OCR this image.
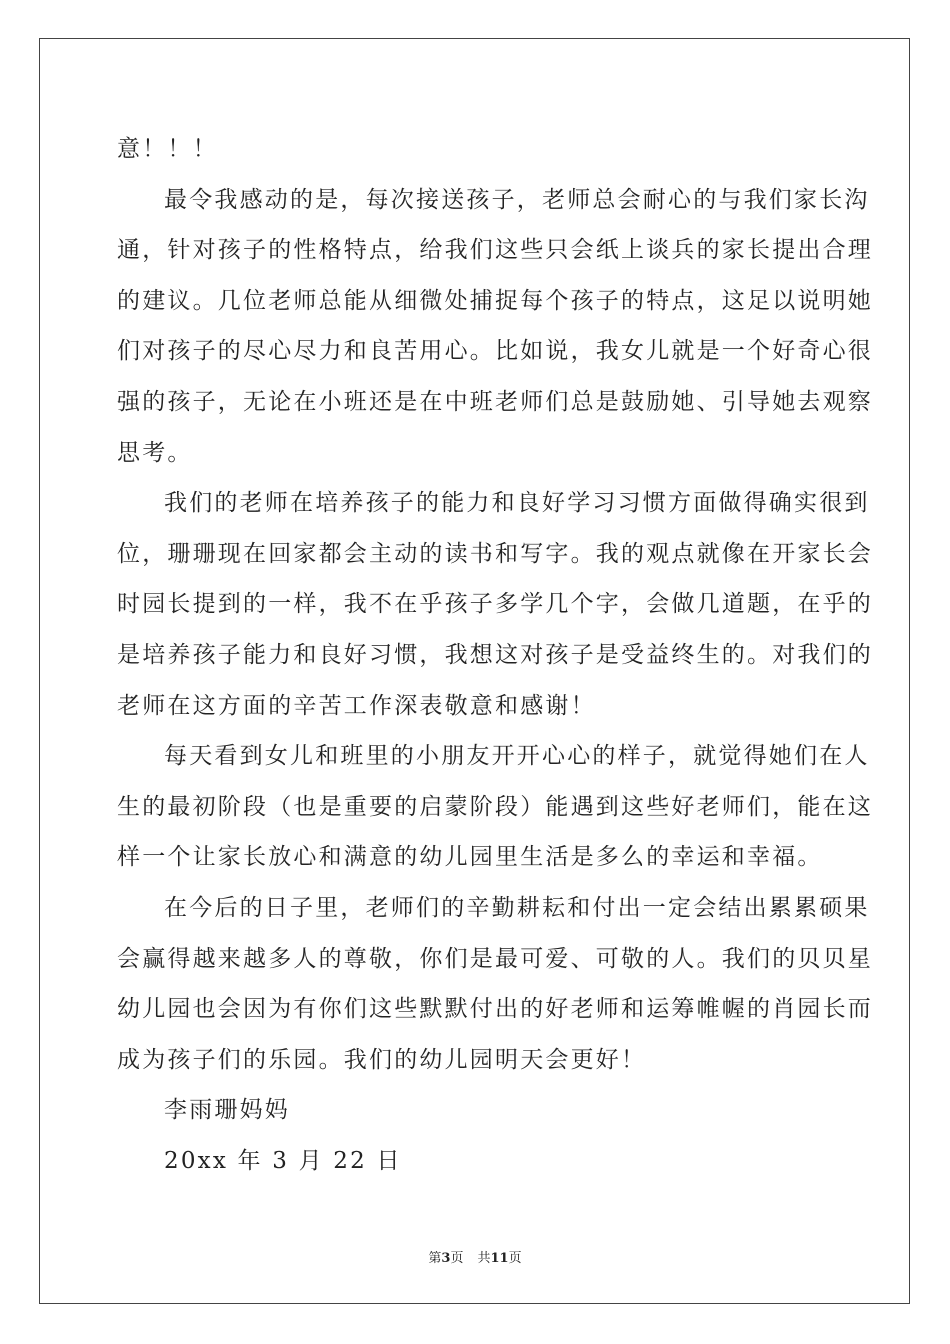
意！！！
最令我感动的是，每次接送孩子，老师总会耐心的与我们家长沟
通，针对孩子的性格特点，给我们这些只会纸上谈兵的家长提出合理
的建议。几位老师总能从细微处捕捉每个孩子的特点，这足以说明她
们对孩子的尽心尽力和良苦用心。比如说，我女儿就是一个好奇心很
强的孩子，无论在小班还是在中班老师们总是鼓励她、引导她去观察
思考。
我们的老师在培养孩子的能力和良好学习习惯方面做得确实很到
位，珊珊现在回家都会主动的读书和写字。我的观点就像在开家长会
时园长提到的一样，我不在乎孩子多学几个字，会做几道题，在乎的
是培养孩子能力和良好习惯，我想这对孩子是受益终生的。对我们的
老师在这方面的辛苦工作深表敬意和感谢！
每天看到女儿和班里的小朋友开开心心的样子，就觉得她们在人
生的最初阶段（也是重要的启蒙阶段）能遇到这些好老师们，能在这
样一个让家长放心和满意的幼儿园里生活是多么的幸运和幸福。
在今后的日子里，老师们的辛勤耕耘和付出一定会结出累累硕果
会赢得越来越多人的尊敬，你们是最可爱、可敬的人。我们的贝贝星
幼儿园也会因为有你们这些默默付出的好老师和运筹帷幄的肖园长而
成为孩子们的乐园。我们的幼儿园明天会更好！
李雨珊妈妈
20xx 年 3 月 22 日
第3页 共11页
